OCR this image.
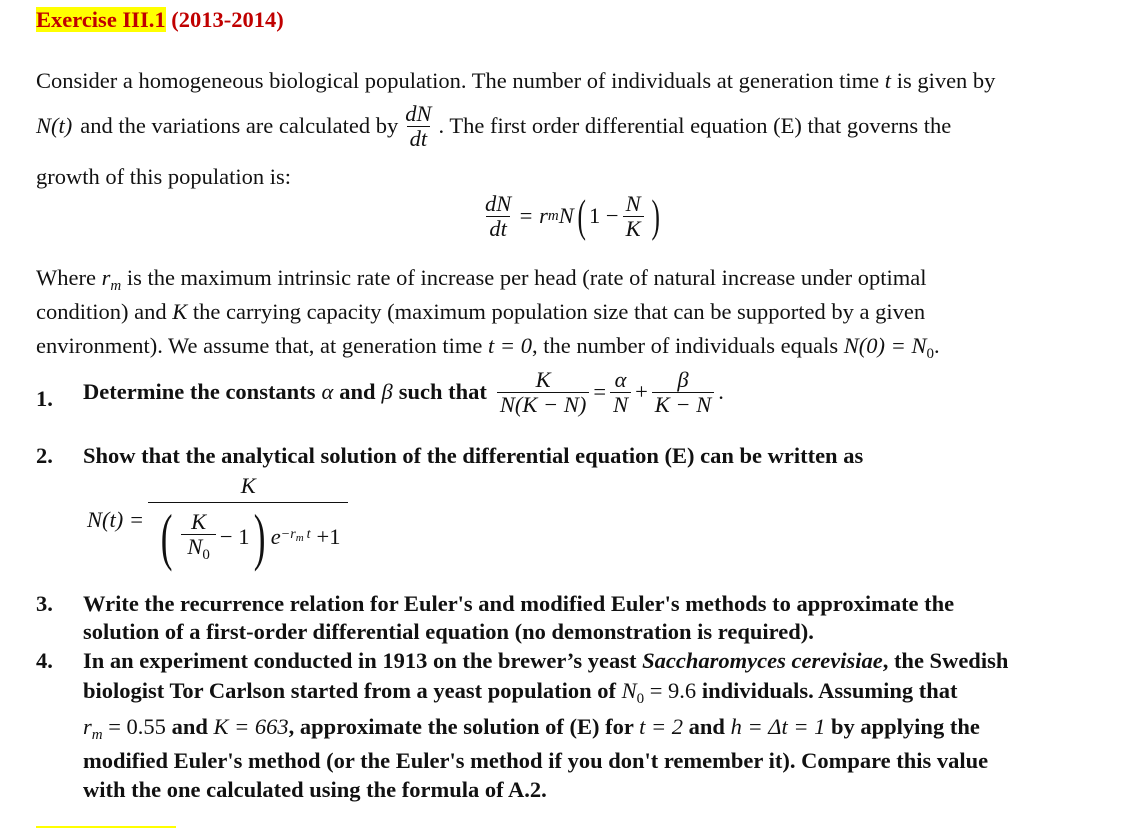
Exercise III.1 (2013-2014)
Consider a homogeneous biological population. The number of individuals at generation time t is given by
N(t) and the variations are calculated by $\frac{dN}{dt}$ . The first order differential equation (E) that governs the
growth of this population is:
$\frac{dN}{dt} = r$ m N ( $1 - \frac{N}{K}$ )
Where $r_m$ is the maximum intrinsic rate of increase per head (rate of natural increase under optimal
condition) and K the carrying capacity (maximum population size that can be supported by a given
environment). We assume that, at generation time t = 0, the number of individuals equals $N(0) = N_0$.
1. Determine the constants α and β such that $\frac{K}{N(K - N)} = \frac{\alpha}{N} + \frac{\beta}{K - N}$ .
2. Show that the analytical solution of the differential equation (E) can be written as
N(t) =
K
( $\frac{K}{N_0} - 1$ ) $e -r_m$ t +1
3. Write the recurrence relation for Euler's and modified Euler's methods to approximate the
solution of a first-order differential equation (no demonstration is required).
4. In an experiment conducted in 1913 on the brewer’s yeast Saccharomyces cerevisiae, the Swedish
biologist Tor Carlson started from a yeast population of $N_0 = 9.6$ individuals. Assuming that
$r_m = 0.55$ and K = 663, approximate the solution of (E) for t = 2 and h = Δt = 1 by applying the
modified Euler's method (or the Euler's method if you don't remember it). Compare this value
with the one calculated using the formula of A.2.
